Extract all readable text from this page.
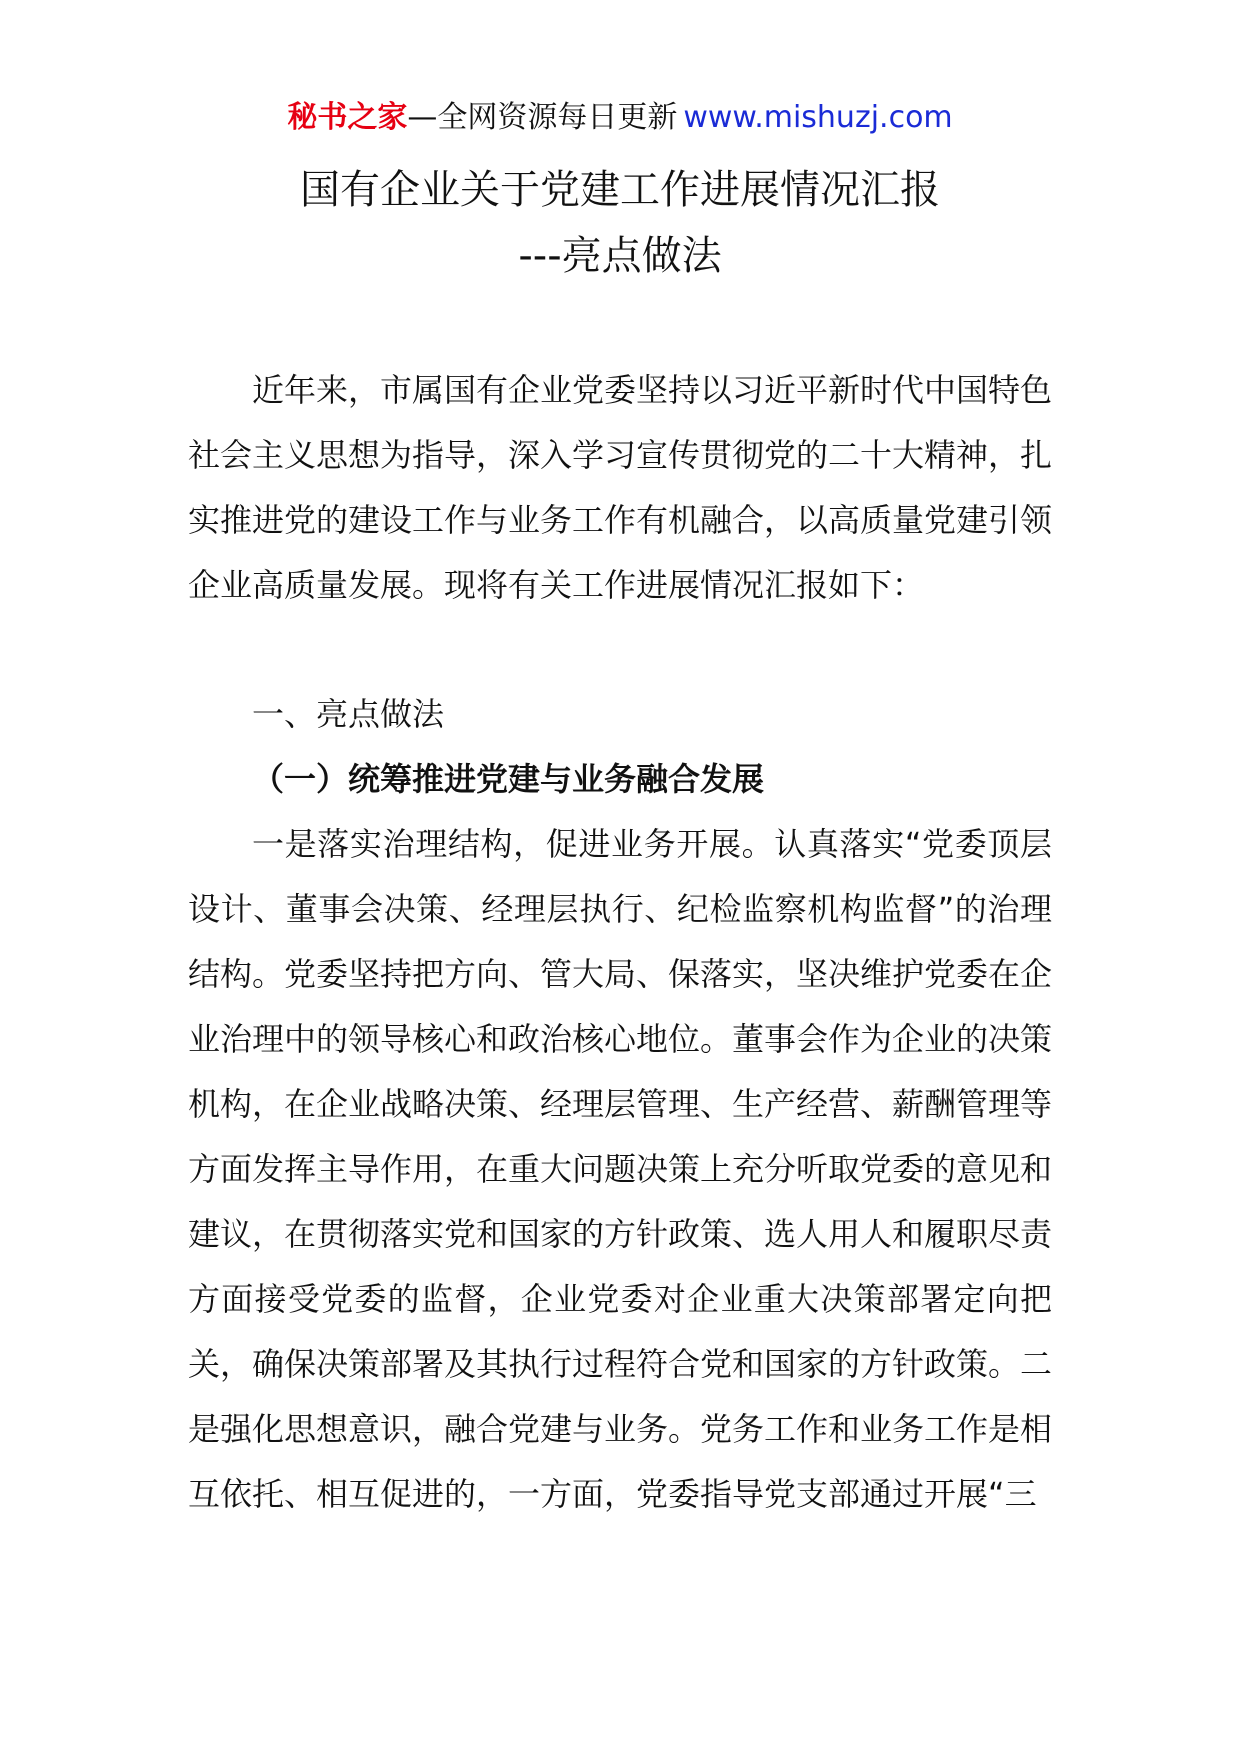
秘书之家—全网资源每日更新 www.mishuzj.com
国有企业关于党建工作进展情况汇报
---亮点做法

近年来，市属国有企业党委坚持以习近平新时代中国特色社会主义思想为指导，深入学习宣传贯彻党的二十大精神，扎实推进党的建设工作与业务工作有机融合，以高质量党建引领企业高质量发展。现将有关工作进展情况汇报如下：

一、亮点做法
（一）统筹推进党建与业务融合发展

一是落实治理结构，促进业务开展。认真落实“党委顶层设计、董事会决策、经理层执行、纪检监察机构监督”的治理结构。党委坚持把方向、管大局、保落实，坚决维护党委在企业治理中的领导核心和政治核心地位。董事会作为企业的决策机构，在企业战略决策、经理层管理、生产经营、薪酬管理等方面发挥主导作用，在重大问题决策上充分听取党委的意见和建议，在贯彻落实党和国家的方针政策、选人用人和履职尽责方面接受党委的监督，企业党委对企业重大决策部署定向把关，确保决策部署及其执行过程符合党和国家的方针政策。二是强化思想意识，融合党建与业务。党务工作和业务工作是相互依托、相互促进的，一方面，党委指导党支部通过开展“三
